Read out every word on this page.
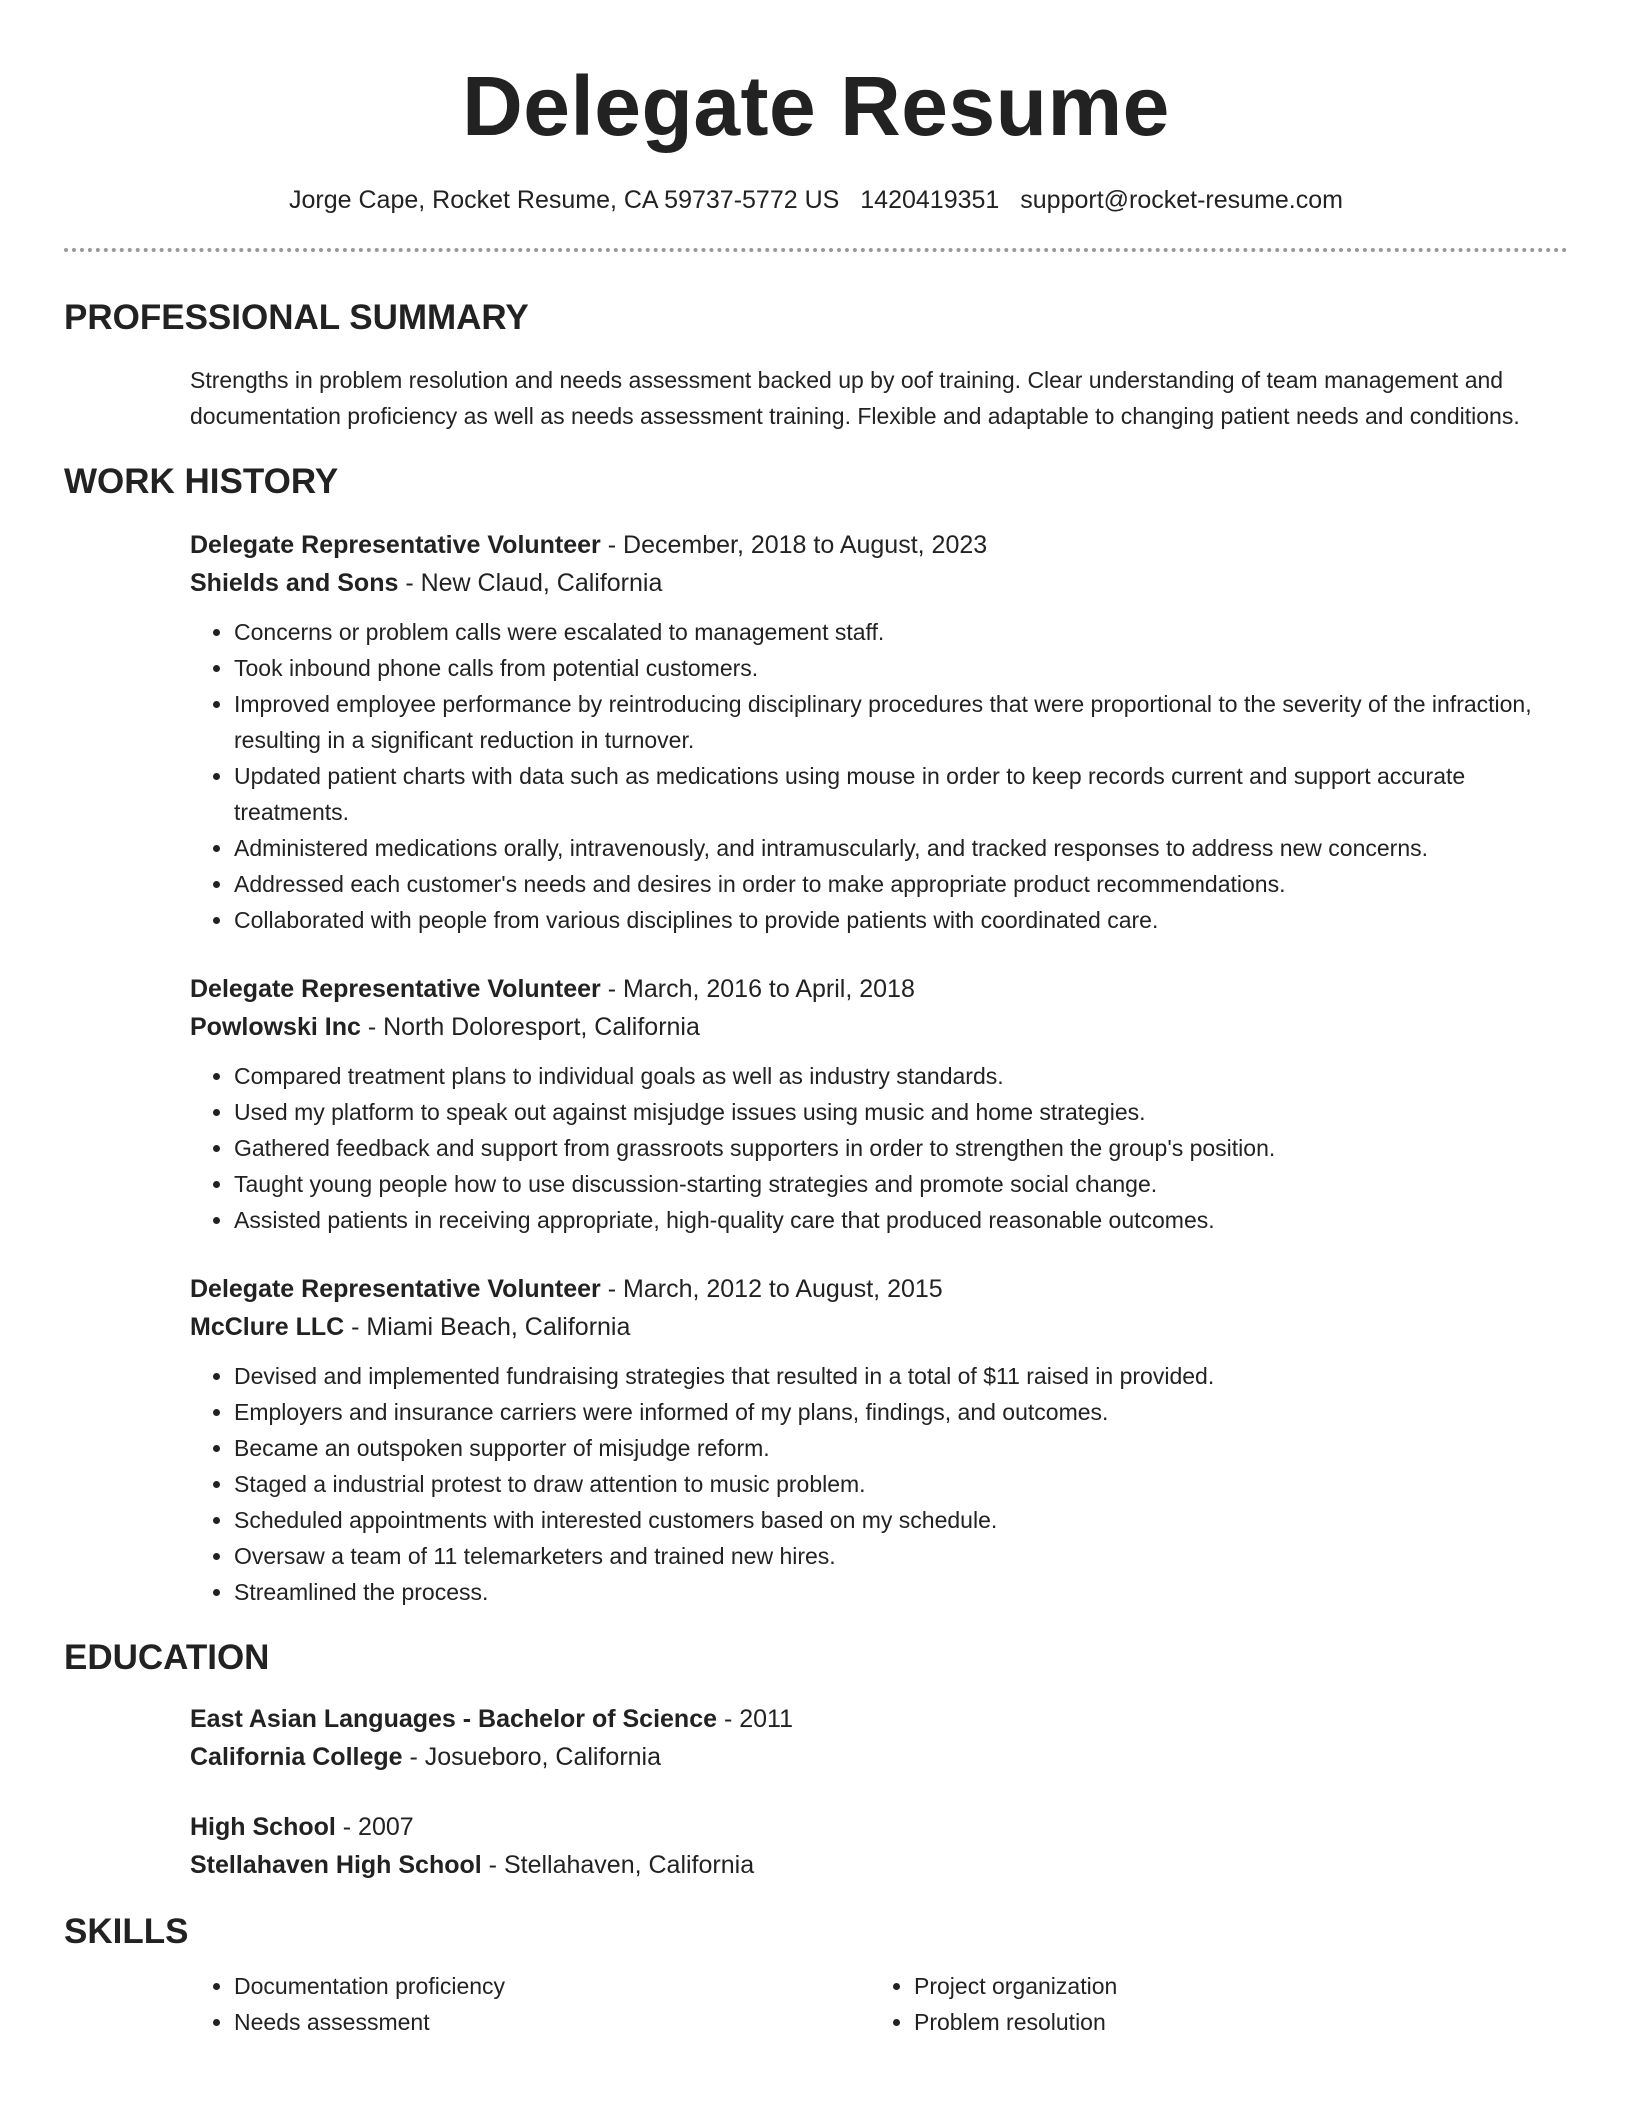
Delegate Resume
Jorge Cape, Rocket Resume, CA 59737-5772 US 1420419351 support@rocket-resume.com
PROFESSIONAL SUMMARY

Strengths in problem resolution and needs assessment backed up by oof training. Clear understanding of team management and documentation proficiency as well as needs assessment training. Flexible and adaptable to changing patient needs and conditions.

WORK HISTORY

Delegate Representative Volunteer - December, 2018 to August, 2023

Shields and Sons - New Claud, California

• Concerns or problem calls were escalated to management staff.
• Took inbound phone calls from potential customers.
• Improved employee performance by reintroducing disciplinary procedures that were proportional to the severity of the infraction, resulting in a significant reduction in turnover.
• Updated patient charts with data such as medications using mouse in order to keep records current and support accurate treatments.
• Administered medications orally, intravenously, and intramuscularly, and tracked responses to address new concerns.
• Addressed each customer's needs and desires in order to make appropriate product recommendations.
• Collaborated with people from various disciplines to provide patients with coordinated care.

Delegate Representative Volunteer - March, 2016 to April, 2018

Powlowski Inc - North Doloresport, California

• Compared treatment plans to individual goals as well as industry standards.
• Used my platform to speak out against misjudge issues using music and home strategies.
• Gathered feedback and support from grassroots supporters in order to strengthen the group's position.
• Taught young people how to use discussion-starting strategies and promote social change.
• Assisted patients in receiving appropriate, high-quality care that produced reasonable outcomes.

Delegate Representative Volunteer - March, 2012 to August, 2015

McClure LLC - Miami Beach, California

• Devised and implemented fundraising strategies that resulted in a total of $11 raised in provided.
• Employers and insurance carriers were informed of my plans, findings, and outcomes.
• Became an outspoken supporter of misjudge reform.
• Staged a industrial protest to draw attention to music problem.
• Scheduled appointments with interested customers based on my schedule.
• Oversaw a team of 11 telemarketers and trained new hires.
• Streamlined the process.
EDUCATION

East Asian Languages - Bachelor of Science - 2011

California College - Josueboro, California

High School - 2007

Stellahaven High School - Stellahaven, California

SKILLS
• Documentation proficiency
• Needs assessment
• Project organization
• Problem resolution
